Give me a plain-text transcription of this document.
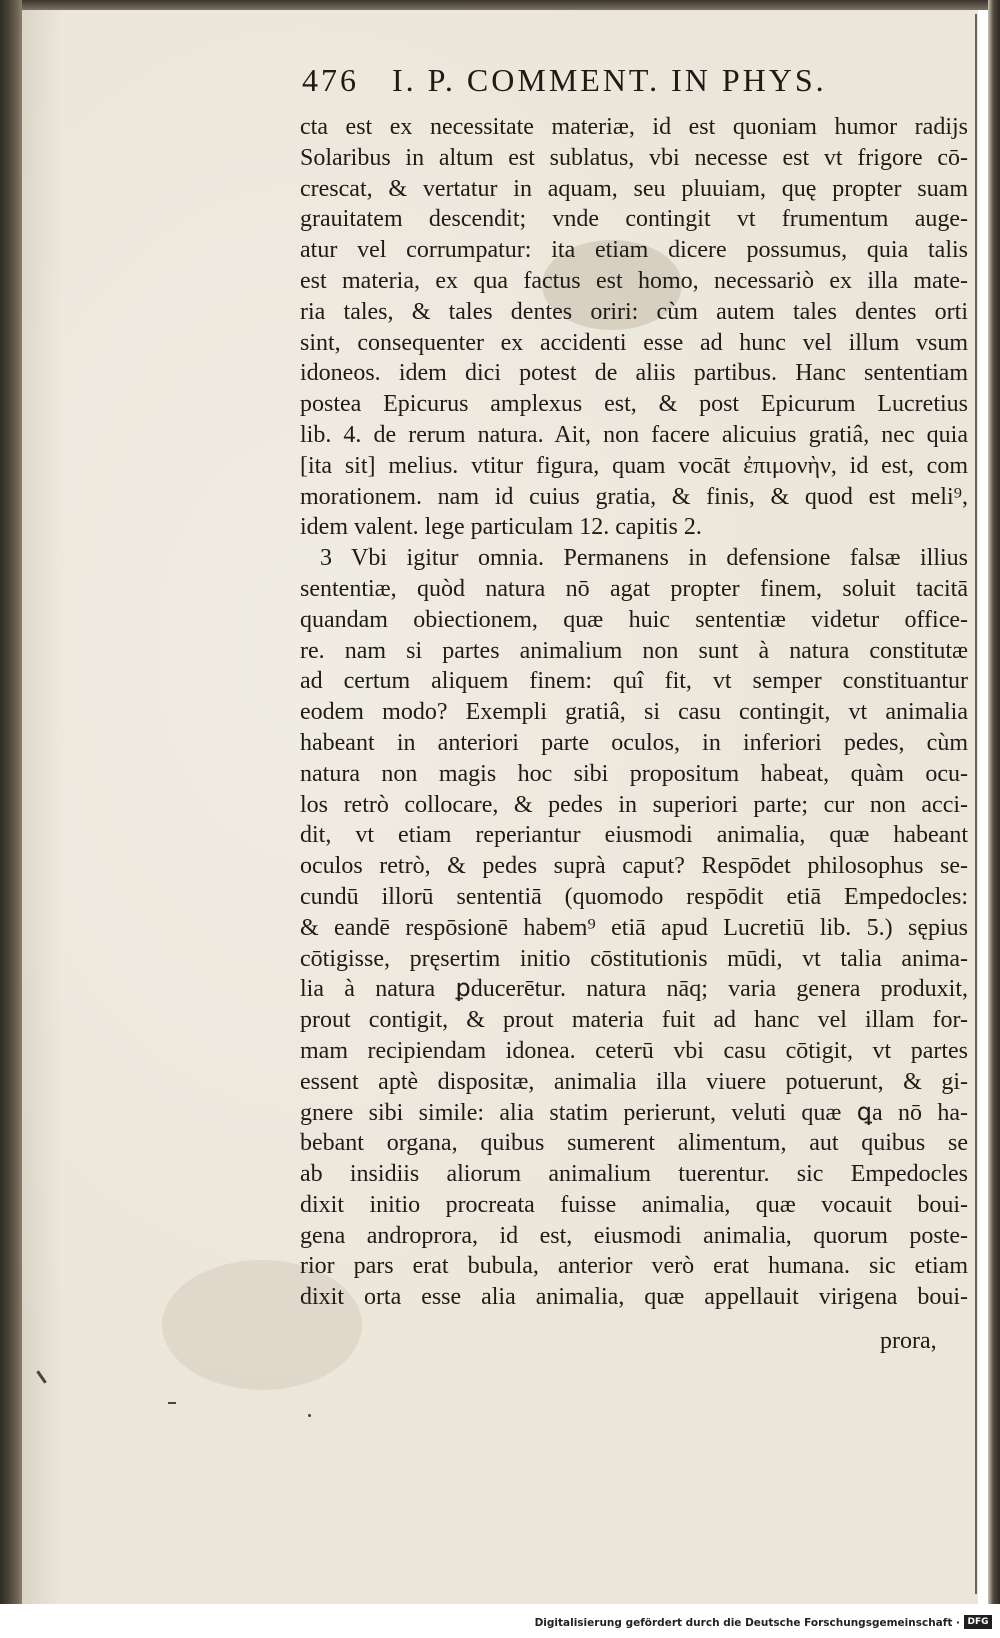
476 I. P. COMMENT. IN PHYS.
cta est ex necessitate materiæ, id est quoniam humor radijs
Solaribus in altum est sublatus, vbi necesse est vt frigore cō-
crescat, & vertatur in aquam, seu pluuiam, quę propter suam
grauitatem descendit; vnde contingit vt frumentum auge-
atur vel corrumpatur: ita etiam dicere possumus, quia talis
est materia, ex qua factus est homo, necessariò ex illa mate-
ria tales, & tales dentes oriri: cùm autem tales dentes orti
sint, consequenter ex accidenti esse ad hunc vel illum vsum
idoneos. idem dici potest de aliis partibus. Hanc sententiam
postea Epicurus amplexus est, & post Epicurum Lucretius
lib. 4. de rerum natura. Ait, non facere alicuius gratiâ, nec quia
[ita sit] melius. vtitur figura, quam vocāt ἐπιμονὴν, id est, com
morationem. nam id cuius gratia, & finis, & quod est meli⁹,
idem valent. lege particulam 12. capitis 2.
3 Vbi igitur omnia. Permanens in defensione falsæ illius
sententiæ, quòd natura nō agat propter finem, soluit tacitā
quandam obiectionem, quæ huic sententiæ videtur office-
re. nam si partes animalium non sunt à natura constitutæ
ad certum aliquem finem: quî fit, vt semper constituantur
eodem modo? Exempli gratiâ, si casu contingit, vt animalia
habeant in anteriori parte oculos, in inferiori pedes, cùm
natura non magis hoc sibi propositum habeat, quàm ocu-
los retrò collocare, & pedes in superiori parte; cur non acci-
dit, vt etiam reperiantur eiusmodi animalia, quæ habeant
oculos retrò, & pedes suprà caput? Respōdet philosophus se-
cundū illorū sententiā (quomodo respōdit etiā Empedocles:
& eandē respōsionē habem⁹ etiā apud Lucretiū lib. 5.) sępius
cōtigisse, pręsertim initio cōstitutionis mūdi, vt talia anima-
lia à natura ꝑducerētur. natura nāq; varia genera produxit,
prout contigit, & prout materia fuit ad hanc vel illam for-
mam recipiendam idonea. ceterū vbi casu cōtigit, vt partes
essent aptè dispositæ, animalia illa viuere potuerunt, & gi-
gnere sibi simile: alia statim perierunt, veluti quæ ꝗa nō ha-
bebant organa, quibus sumerent alimentum, aut quibus se
ab insidiis aliorum animalium tuerentur. sic Empedocles
dixit initio procreata fuisse animalia, quæ vocauit boui-
gena androprora, id est, eiusmodi animalia, quorum poste-
rior pars erat bubula, anterior verò erat humana. sic etiam
dixit orta esse alia animalia, quæ appellauit virigena boui-
prora,
Digitalisierung gefördert durch die Deutsche Forschungsgemeinschaft · DFG
